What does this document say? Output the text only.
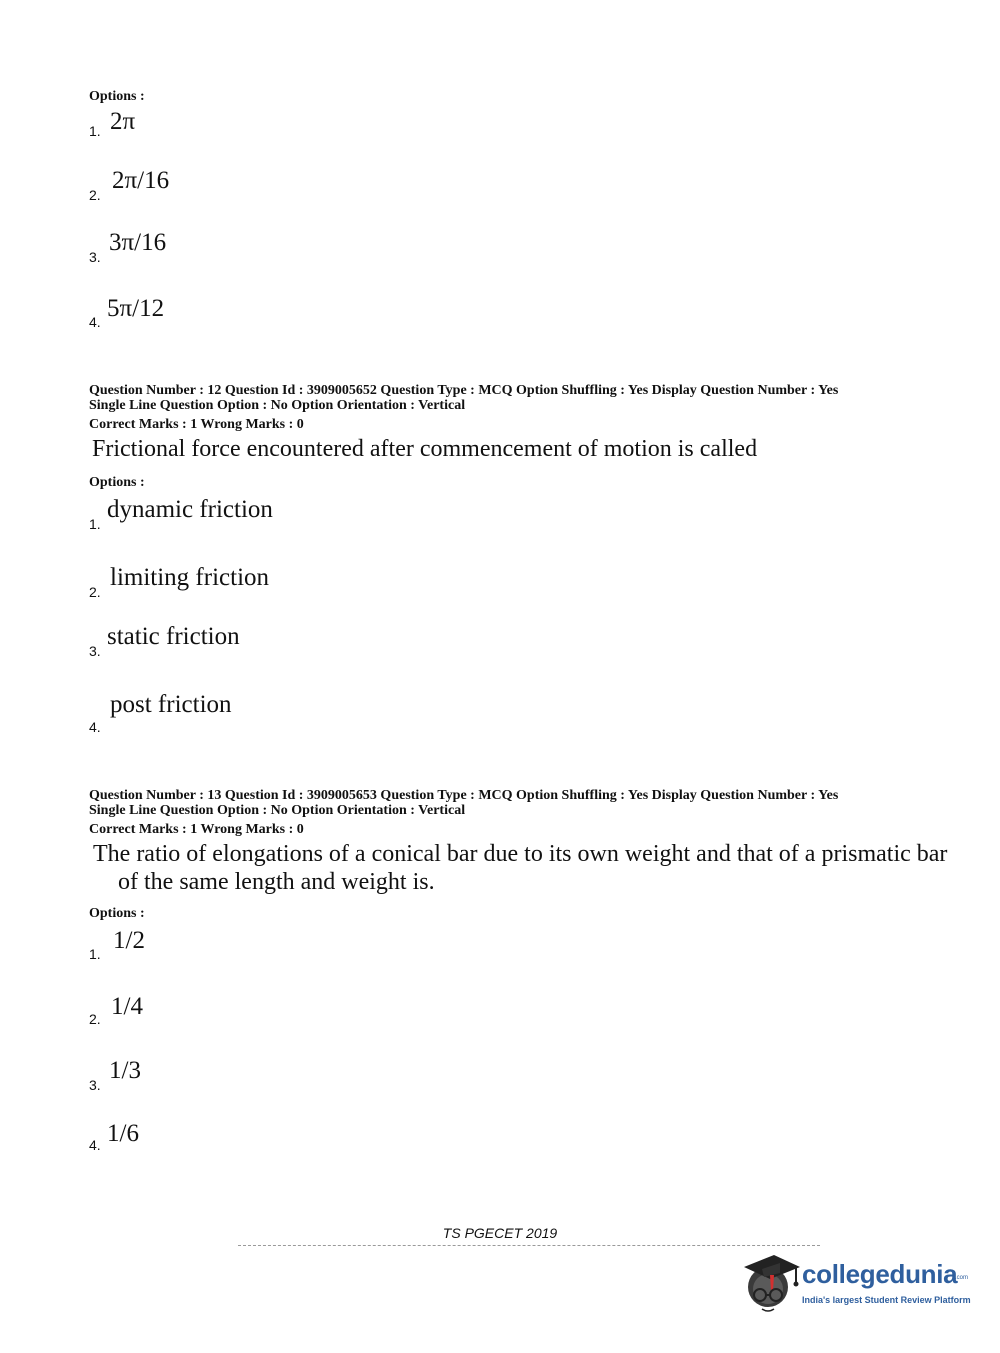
Options :
1. 2π
2.
2π/16
3.
3π/16
4. 5π/12
Question Number : 12 Question Id : 3909005652 Question Type : MCQ Option Shuffling : Yes Display Question Number : Yes
Single Line Question Option : No Option Orientation : Vertical
Correct Marks : 1 Wrong Marks : 0
Frictional force encountered after commencement of motion is called
Options :
1.
dynamic friction
2.
limiting friction
3.
static friction
4.
post friction
Question Number : 13 Question Id : 3909005653 Question Type : MCQ Option Shuffling : Yes Display Question Number : Yes
Single Line Question Option : No Option Orientation : Vertical
Correct Marks : 1 Wrong Marks : 0
The ratio of elongations of a conical bar due to its own weight and that of a prismatic bar
of the same length and weight is.
Options :
1. 1/2
2. 1/4
3.
1/3
4. 1/6
TS PGECET 2019
collegedunia
.com
India's largest Student Review Platform
